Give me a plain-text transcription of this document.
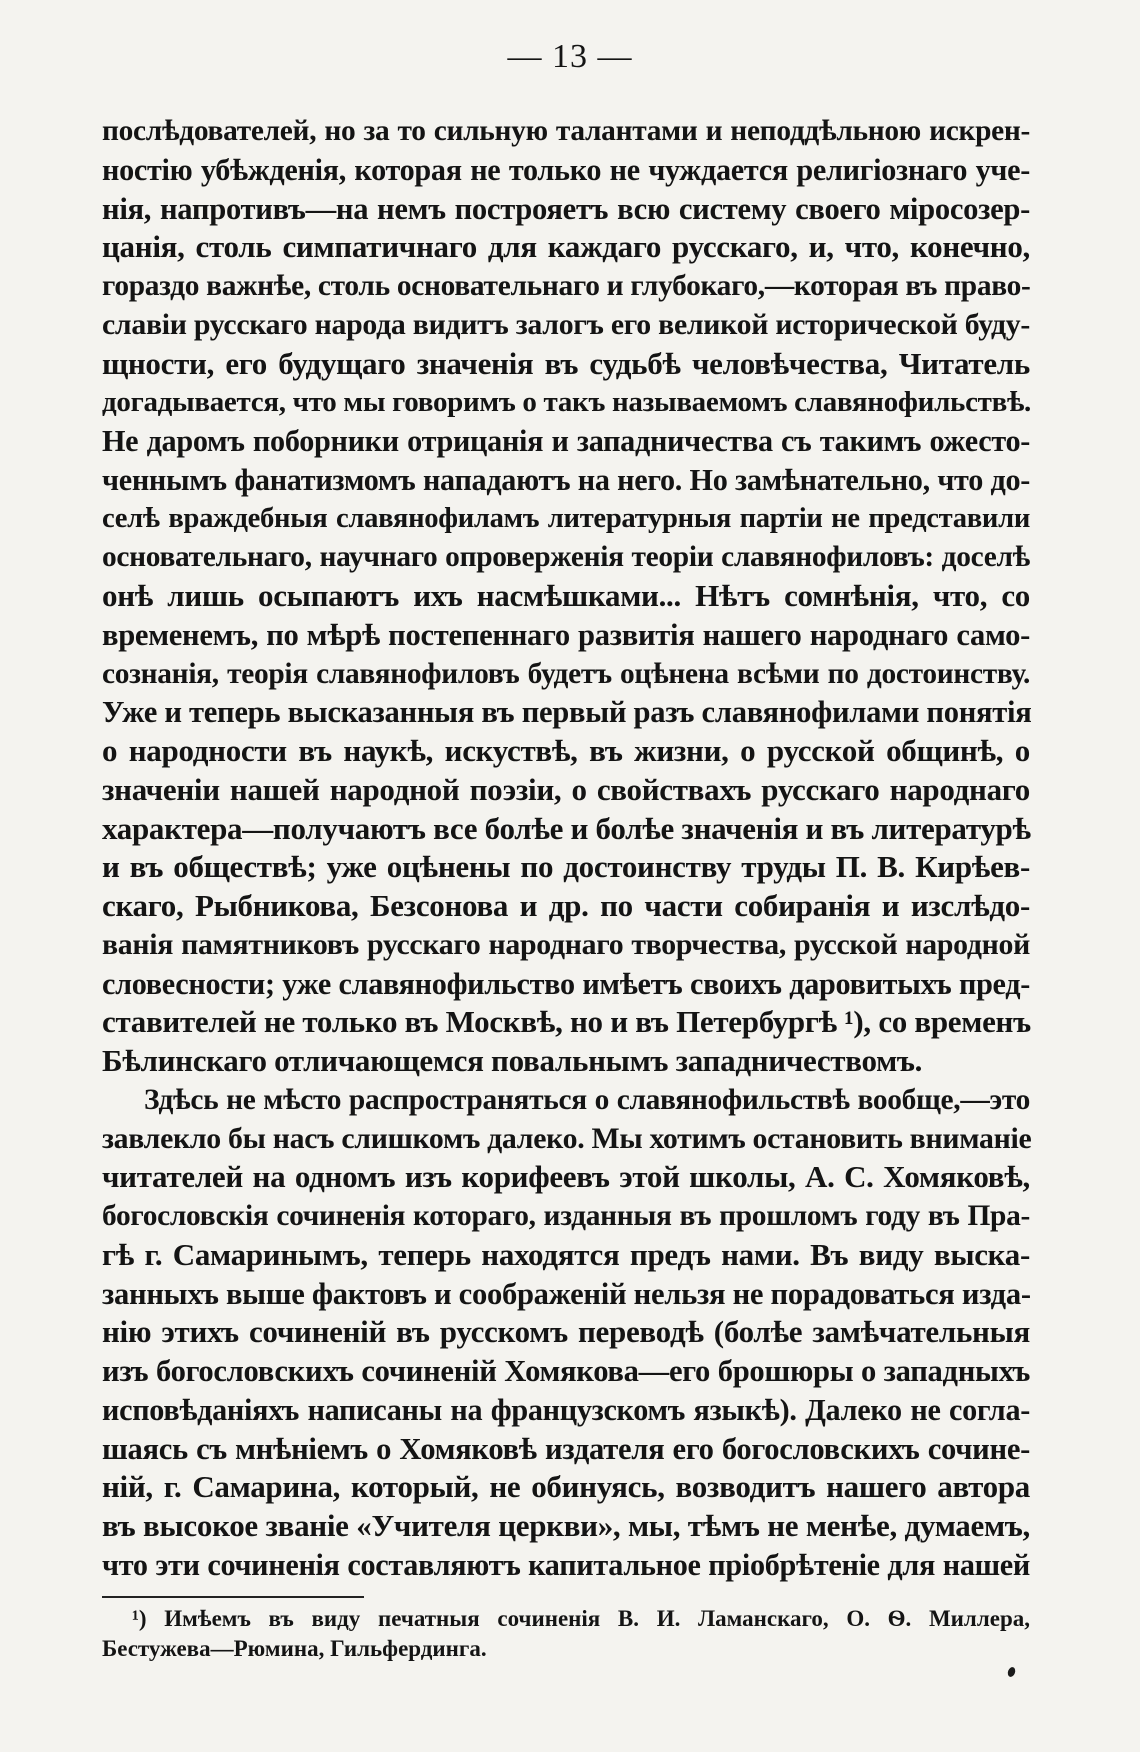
— 13 —
послѣдователей, но за то сильную талантами и неподдѣльною искрен-
ностію убѣжденія, которая не только не чуждается религіознаго уче-
нія, напротивъ—на немъ построяетъ всю систему своего міросозер-
цанія, столь симпатичнаго для каждаго русскаго, и, что, конечно,
гораздо важнѣе, столь основательнаго и глубокаго,—которая въ право-
славіи русскаго народа видитъ залогъ его великой исторической буду-
щности, его будущаго значенія въ судьбѣ человѣчества, Читатель
догадывается, что мы говоримъ о такъ называемомъ славянофильствѣ.
Не даромъ поборники отрицанія и западничества съ такимъ ожесто-
ченнымъ фанатизмомъ нападаютъ на него. Но замѣнательно, что до-
селѣ враждебныя славянофиламъ литературныя партіи не представили
основательнаго, научнаго опроверженія теоріи славянофиловъ: доселѣ
онѣ лишь осыпаютъ ихъ насмѣшками... Нѣтъ сомнѣнія, что, со
временемъ, по мѣрѣ постепеннаго развитія нашего народнаго само-
сознанія, теорія славянофиловъ будетъ оцѣнена всѣми по достоинству.
Уже и теперь высказанныя въ первый разъ славянофилами понятія
о народности въ наукѣ, искуствѣ, въ жизни, о русской общинѣ, о
значеніи нашей народной поэзіи, о свойствахъ русскаго народнаго
характера—получаютъ все болѣе и болѣе значенія и въ литературѣ
и въ обществѣ; уже оцѣнены по достоинству труды П. В. Кирѣев-
скаго, Рыбникова, Безсонова и др. по части собиранія и изслѣдо-
ванія памятниковъ русскаго народнаго творчества, русской народной
словесности; уже славянофильство имѣетъ своихъ даровитыхъ пред-
ставителей не только въ Москвѣ, но и въ Петербургѣ ¹), со временъ
Бѣлинскаго отличающемся повальнымъ западничествомъ.
Здѣсь не мѣсто распространяться о славянофильствѣ вообще,—это
завлекло бы насъ слишкомъ далеко. Мы хотимъ остановить вниманіе
читателей на одномъ изъ корифеевъ этой школы, А. С. Хомяковѣ,
богословскія сочиненія котораго, изданныя въ прошломъ году въ Пра-
гѣ г. Самаринымъ, теперь находятся предъ нами. Въ виду выска-
занныхъ выше фактовъ и соображеній нельзя не порадоваться изда-
нію этихъ сочиненій въ русскомъ переводѣ (болѣе замѣчательныя
изъ богословскихъ сочиненій Хомякова—его брошюры о западныхъ
исповѣданіяхъ написаны на французскомъ языкѣ). Далеко не согла-
шаясь съ мнѣніемъ о Хомяковѣ издателя его богословскихъ сочине-
ній, г. Самарина, который, не обинуясь, возводитъ нашего автора
въ высокое званіе «Учителя церкви», мы, тѣмъ не менѣе, думаемъ,
что эти сочиненія составляютъ капитальное пріобрѣтеніе для нашей
¹) Имѣемъ въ виду печатныя сочиненія В. И. Ламанскаго, О. Ѳ. Миллера,
Бестужева—Рюмина, Гильфердинга.
